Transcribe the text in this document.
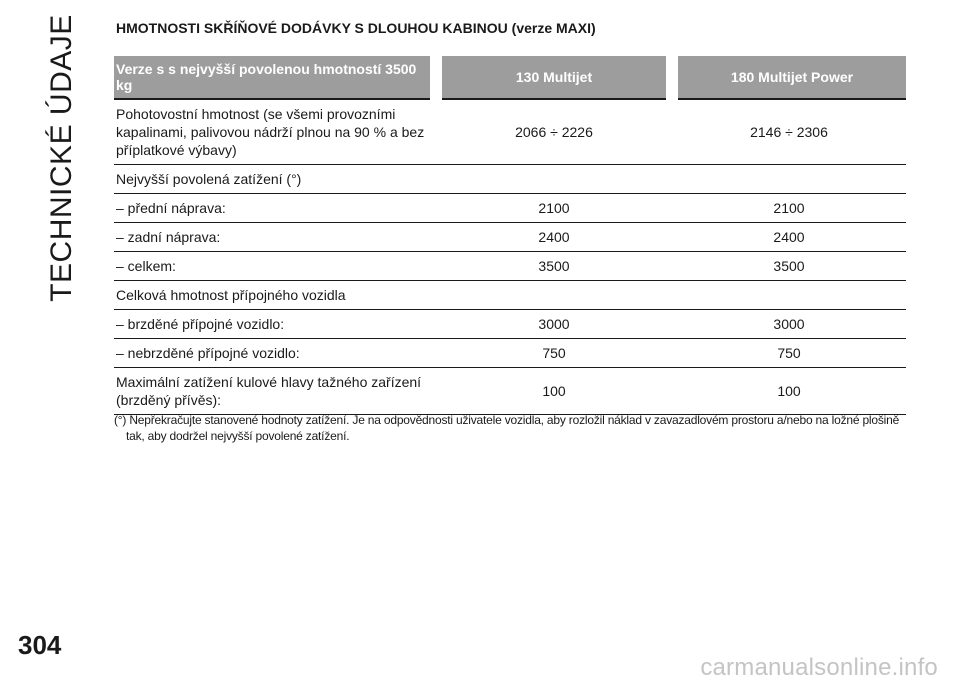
TECHNICKÉ ÚDAJE	HMOTNOSTI SKŘÍŇOVÉ DODÁVKY S DLOUHOU KABINOU (verze MAXI)
Verze s s nejvyšší povolenou hmotností 3500 kg	130 Multijet	180 Multijet Power
Pohotovostní hmotnost (se všemi provozními kapalinami, palivovou nádrží plnou na 90 % a bez příplatkové výbavy)	2066 ÷ 2226	2146 ÷ 2306
Nejvyšší povolená zatížení (°)		
– přední náprava:	2100	2100
– zadní náprava:	2400	2400
– celkem:	3500	3500
Celková hmotnost přípojného vozidla		
– brzděné přípojné vozidlo:	3000	3000
– nebrzděné přípojné vozidlo:	750	750
Maximální zatížení kulové hlavy tažného zařízení (brzděný přívěs):	100	100
(°) Nepřekračujte stanovené hodnoty zatížení. Je na odpovědnosti uživatele vozidla, aby rozložil náklad v zavazadlovém prostoru a/nebo na ložné plošině tak, aby dodržel nejvyšší povolené zatížení.
304
carmanualsonline.info
